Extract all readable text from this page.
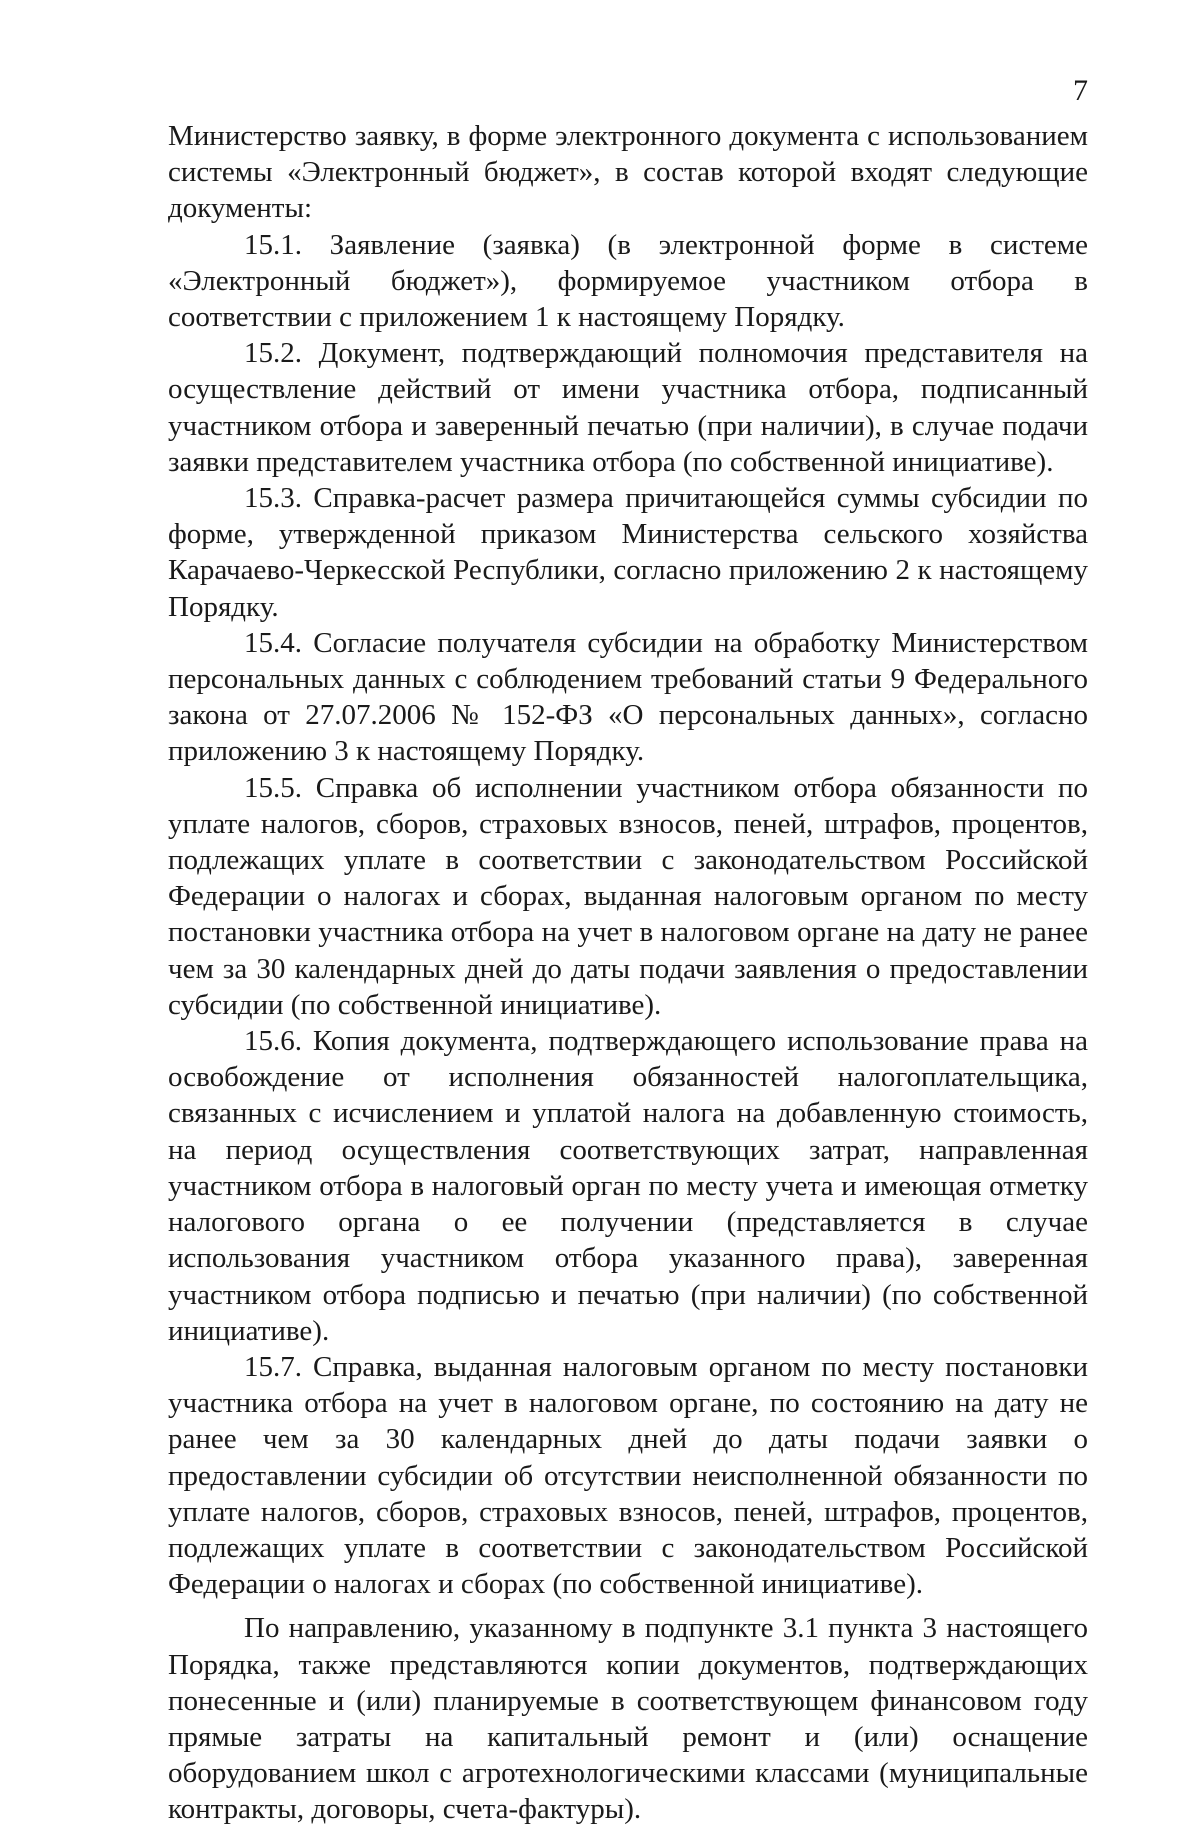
7

Министерство заявку, в форме электронного документа с использованием системы «Электронный бюджет», в состав которой входят следующие документы:

15.1. Заявление (заявка) (в электронной форме в системе «Электронный бюджет»), формируемое участником отбора в соответствии с приложением 1 к настоящему Порядку.

15.2. Документ, подтверждающий полномочия представителя на осуществление действий от имени участника отбора, подписанный участником отбора и заверенный печатью (при наличии), в случае подачи заявки представителем участника отбора (по собственной инициативе).

15.3. Справка-расчет размера причитающейся суммы субсидии по форме, утвержденной приказом Министерства сельского хозяйства Карачаево-Черкесской Республики, согласно приложению 2 к настоящему Порядку.

15.4. Согласие получателя субсидии на обработку Министерством персональных данных с соблюдением требований статьи 9 Федерального закона от 27.07.2006 № 152-ФЗ «О персональных данных», согласно приложению 3 к настоящему Порядку.

15.5. Справка об исполнении участником отбора обязанности по уплате налогов, сборов, страховых взносов, пеней, штрафов, процентов, подлежащих уплате в соответствии с законодательством Российской Федерации о налогах и сборах, выданная налоговым органом по месту постановки участника отбора на учет в налоговом органе на дату не ранее чем за 30 календарных дней до даты подачи заявления о предоставлении субсидии (по собственной инициативе).

15.6. Копия документа, подтверждающего использование права на освобождение от исполнения обязанностей налогоплательщика, связанных с исчислением и уплатой налога на добавленную стоимость, на период осуществления соответствующих затрат, направленная участником отбора в налоговый орган по месту учета и имеющая отметку налогового органа о ее получении (представляется в случае использования участником отбора указанного права), заверенная участником отбора подписью и печатью (при наличии) (по собственной инициативе).

15.7. Справка, выданная налоговым органом по месту постановки участника отбора на учет в налоговом органе, по состоянию на дату не ранее чем за 30 календарных дней до даты подачи заявки о предоставлении субсидии об отсутствии неисполненной обязанности по уплате налогов, сборов, страховых взносов, пеней, штрафов, процентов, подлежащих уплате в соответствии с законодательством Российской Федерации о налогах и сборах (по собственной инициативе).

По направлению, указанному в подпункте 3.1 пункта 3 настоящего Порядка, также представляются копии документов, подтверждающих понесенные и (или) планируемые в соответствующем финансовом году прямые затраты на капитальный ремонт и (или) оснащение оборудованием школ с агротехнологическими классами (муниципальные контракты, договоры, счета-фактуры).
